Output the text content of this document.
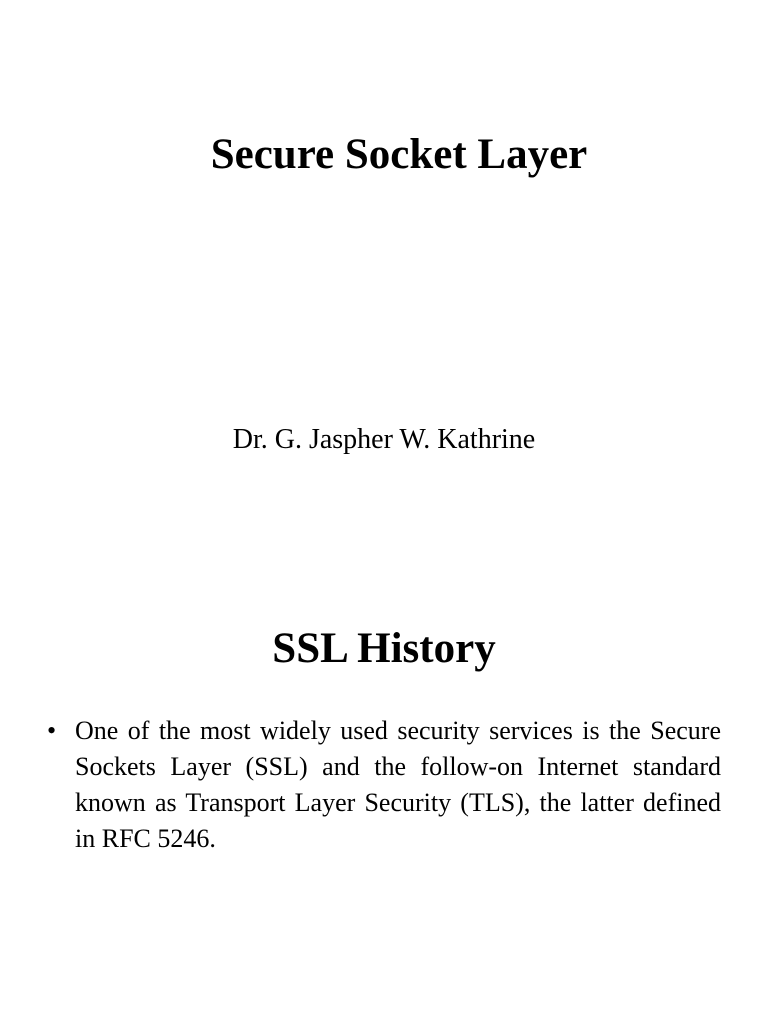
Secure Socket Layer

Dr. G. Jaspher W. Kathrine

SSL History
• One of the most widely used security services is the Secure Sockets Layer (SSL) and the follow-on Internet standard known as Transport Layer Security (TLS), the latter defined in RFC 5246.
